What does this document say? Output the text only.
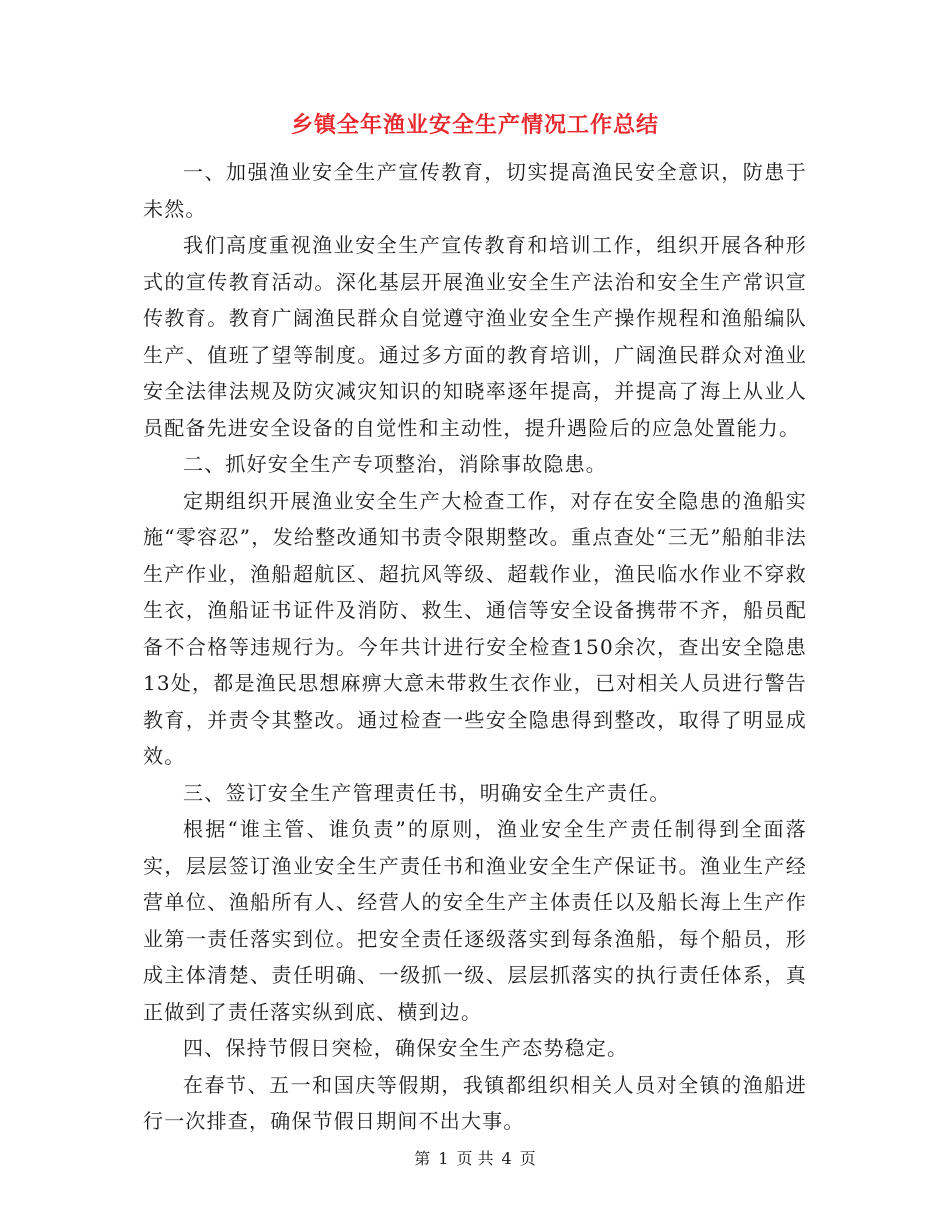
乡镇全年渔业安全生产情况工作总结

一、加强渔业安全生产宣传教育，切实提高渔民安全意识，防患于未然。

我们高度重视渔业安全生产宣传教育和培训工作，组织开展各种形式的宣传教育活动。深化基层开展渔业安全生产法治和安全生产常识宣传教育。教育广阔渔民群众自觉遵守渔业安全生产操作规程和渔船编队生产、值班了望等制度。通过多方面的教育培训，广阔渔民群众对渔业安全法律法规及防灾减灾知识的知晓率逐年提高，并提高了海上从业人员配备先进安全设备的自觉性和主动性，提升遇险后的应急处置能力。

二、抓好安全生产专项整治，消除事故隐患。

定期组织开展渔业安全生产大检查工作，对存在安全隐患的渔船实施“零容忍”，发给整改通知书责令限期整改。重点查处“三无”船舶非法生产作业，渔船超航区、超抗风等级、超载作业，渔民临水作业不穿救生衣，渔船证书证件及消防、救生、通信等安全设备携带不齐，船员配备不合格等违规行为。今年共计进行安全检查150余次，查出安全隐患13处，都是渔民思想麻痹大意未带救生衣作业，已对相关人员进行警告教育，并责令其整改。通过检查一些安全隐患得到整改，取得了明显成效。

三、签订安全生产管理责任书，明确安全生产责任。

根据“谁主管、谁负责”的原则，渔业安全生产责任制得到全面落实，层层签订渔业安全生产责任书和渔业安全生产保证书。渔业生产经营单位、渔船所有人、经营人的安全生产主体责任以及船长海上生产作业第一责任落实到位。把安全责任逐级落实到每条渔船，每个船员，形成主体清楚、责任明确、一级抓一级、层层抓落实的执行责任体系，真正做到了责任落实纵到底、横到边。

四、保持节假日突检，确保安全生产态势稳定。

在春节、五一和国庆等假期，我镇都组织相关人员对全镇的渔船进行一次排查，确保节假日期间不出大事。

第 1 页 共 4 页
